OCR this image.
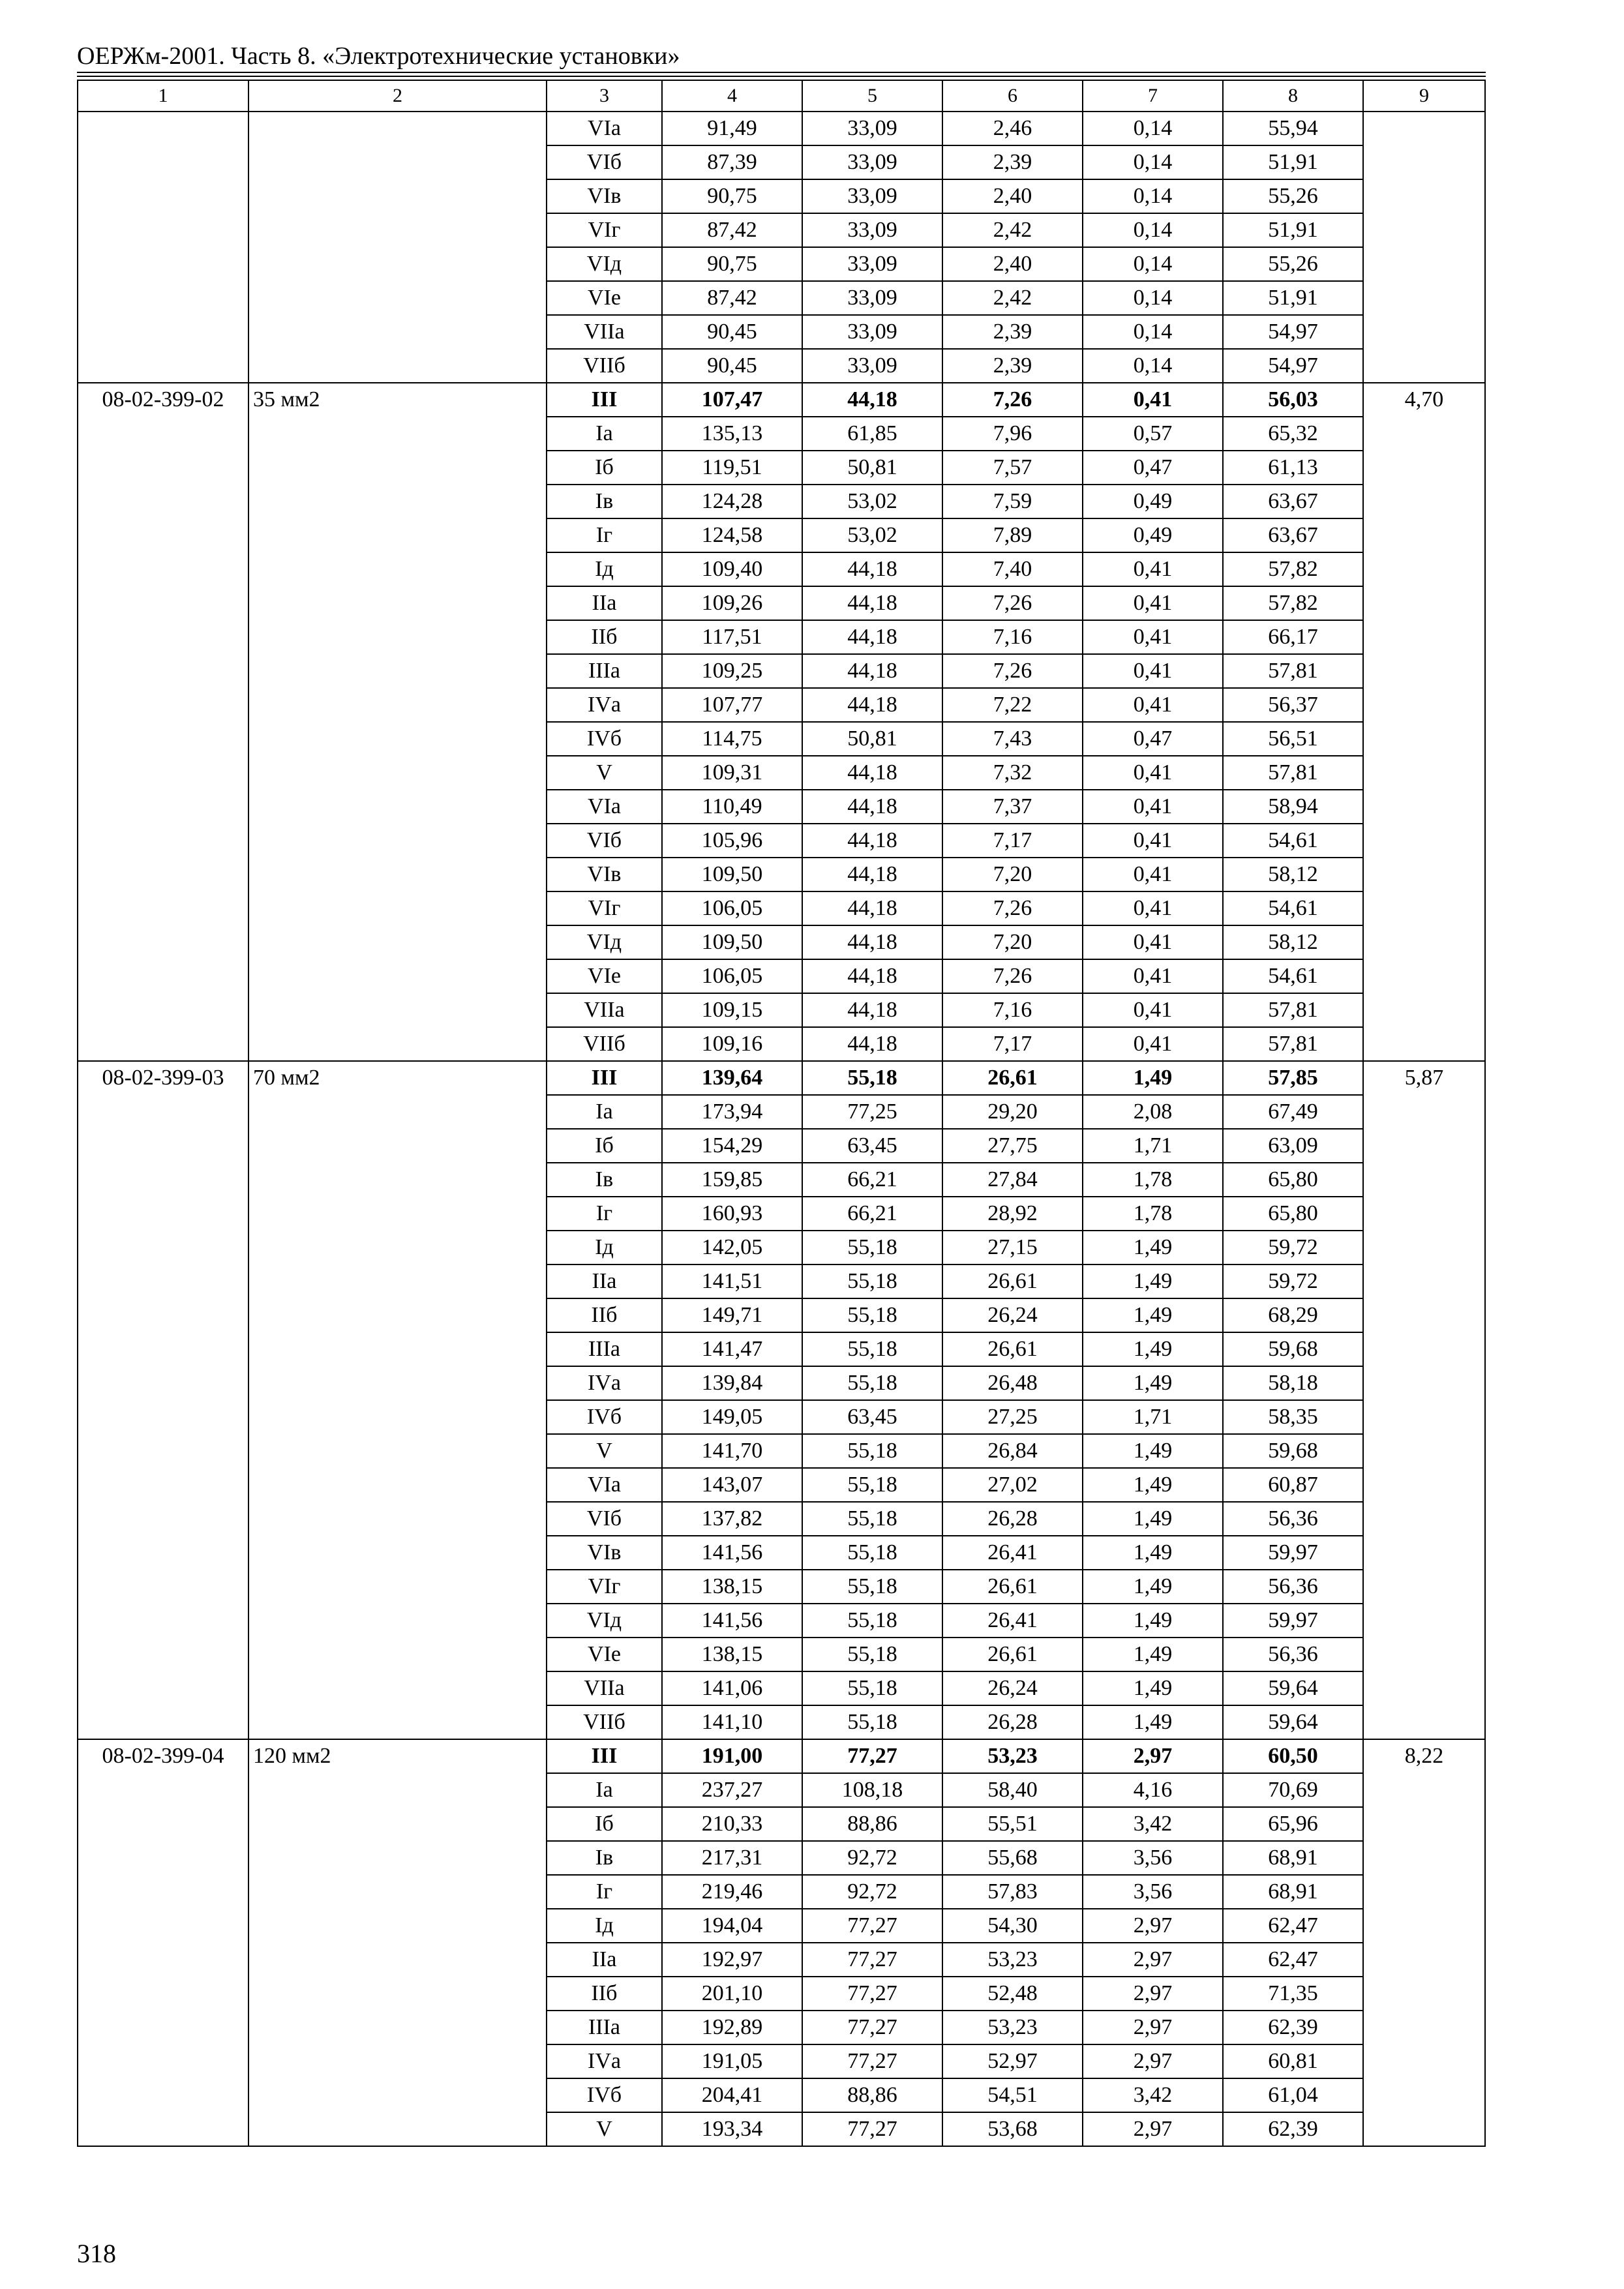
ОЕРЖм-2001. Часть 8. «Электротехнические установки»
1	2	3	4	5	6	7	8	9
		VIа	91,49	33,09	2,46	0,14	55,94	
		VIб	87,39	33,09	2,39	0,14	51,91	
		VIв	90,75	33,09	2,40	0,14	55,26	
		VIг	87,42	33,09	2,42	0,14	51,91	
		VIд	90,75	33,09	2,40	0,14	55,26	
		VIе	87,42	33,09	2,42	0,14	51,91	
		VIIа	90,45	33,09	2,39	0,14	54,97	
		VIIб	90,45	33,09	2,39	0,14	54,97	
08-02-399-02	35 мм2	III	107,47	44,18	7,26	0,41	56,03	4,70
		Iа	135,13	61,85	7,96	0,57	65,32	
		Iб	119,51	50,81	7,57	0,47	61,13	
		Iв	124,28	53,02	7,59	0,49	63,67	
		Iг	124,58	53,02	7,89	0,49	63,67	
		Iд	109,40	44,18	7,40	0,41	57,82	
		IIа	109,26	44,18	7,26	0,41	57,82	
		IIб	117,51	44,18	7,16	0,41	66,17	
		IIIа	109,25	44,18	7,26	0,41	57,81	
		IVа	107,77	44,18	7,22	0,41	56,37	
		IVб	114,75	50,81	7,43	0,47	56,51	
		V	109,31	44,18	7,32	0,41	57,81	
		VIа	110,49	44,18	7,37	0,41	58,94	
		VIб	105,96	44,18	7,17	0,41	54,61	
		VIв	109,50	44,18	7,20	0,41	58,12	
		VIг	106,05	44,18	7,26	0,41	54,61	
		VIд	109,50	44,18	7,20	0,41	58,12	
		VIе	106,05	44,18	7,26	0,41	54,61	
		VIIа	109,15	44,18	7,16	0,41	57,81	
		VIIб	109,16	44,18	7,17	0,41	57,81	
08-02-399-03	70 мм2	III	139,64	55,18	26,61	1,49	57,85	5,87
		Iа	173,94	77,25	29,20	2,08	67,49	
		Iб	154,29	63,45	27,75	1,71	63,09	
		Iв	159,85	66,21	27,84	1,78	65,80	
		Iг	160,93	66,21	28,92	1,78	65,80	
		Iд	142,05	55,18	27,15	1,49	59,72	
		IIа	141,51	55,18	26,61	1,49	59,72	
		IIб	149,71	55,18	26,24	1,49	68,29	
		IIIа	141,47	55,18	26,61	1,49	59,68	
		IVа	139,84	55,18	26,48	1,49	58,18	
		IVб	149,05	63,45	27,25	1,71	58,35	
		V	141,70	55,18	26,84	1,49	59,68	
		VIа	143,07	55,18	27,02	1,49	60,87	
		VIб	137,82	55,18	26,28	1,49	56,36	
		VIв	141,56	55,18	26,41	1,49	59,97	
		VIг	138,15	55,18	26,61	1,49	56,36	
		VIд	141,56	55,18	26,41	1,49	59,97	
		VIе	138,15	55,18	26,61	1,49	56,36	
		VIIа	141,06	55,18	26,24	1,49	59,64	
		VIIб	141,10	55,18	26,28	1,49	59,64	
08-02-399-04	120 мм2	III	191,00	77,27	53,23	2,97	60,50	8,22
		Iа	237,27	108,18	58,40	4,16	70,69	
		Iб	210,33	88,86	55,51	3,42	65,96	
		Iв	217,31	92,72	55,68	3,56	68,91	
		Iг	219,46	92,72	57,83	3,56	68,91	
		Iд	194,04	77,27	54,30	2,97	62,47	
		IIа	192,97	77,27	53,23	2,97	62,47	
		IIб	201,10	77,27	52,48	2,97	71,35	
		IIIа	192,89	77,27	53,23	2,97	62,39	
		IVа	191,05	77,27	52,97	2,97	60,81	
		IVб	204,41	88,86	54,51	3,42	61,04	
		V	193,34	77,27	53,68	2,97	62,39	
318
